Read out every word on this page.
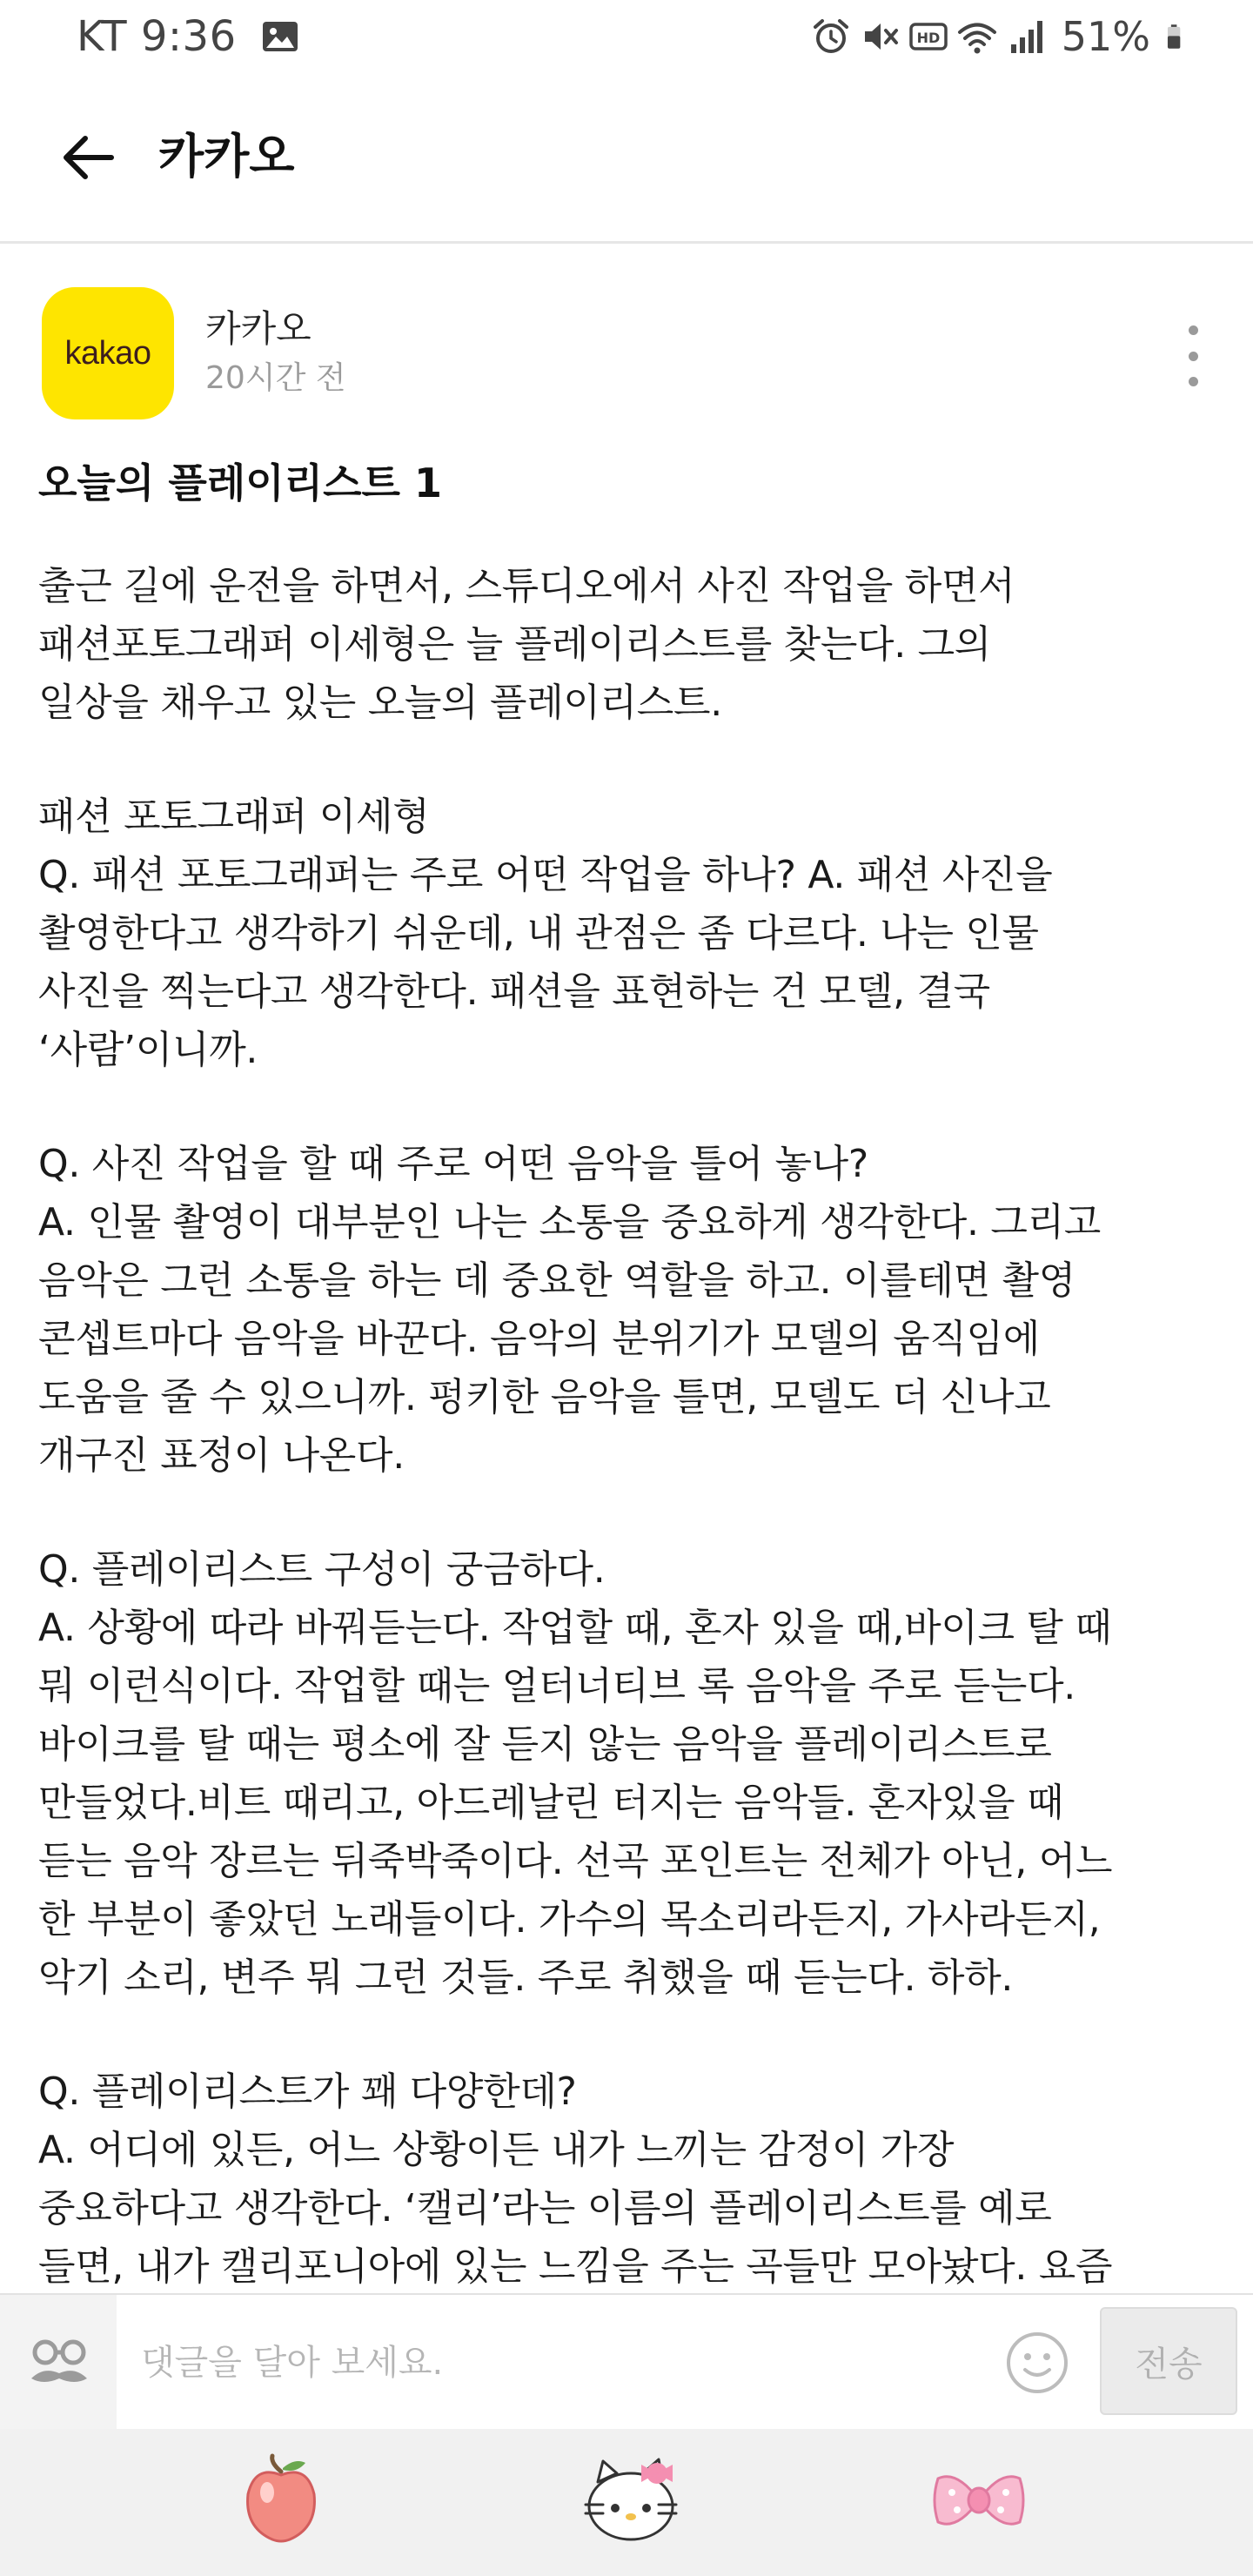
KT 9:36	HD	51%
카카오
kakao
카카오
20시간 전
오늘의 플레이리스트 1
출근 길에 운전을 하면서, 스튜디오에서 사진 작업을 하면서
패션포토그래퍼 이세형은 늘 플레이리스트를 찾는다. 그의
일상을 채우고 있는 오늘의 플레이리스트.
패션 포토그래퍼 이세형
Q. 패션 포토그래퍼는 주로 어떤 작업을 하나? A. 패션 사진을
촬영한다고 생각하기 쉬운데, 내 관점은 좀 다르다. 나는 인물
사진을 찍는다고 생각한다. 패션을 표현하는 건 모델, 결국
‘사람’이니까.
Q. 사진 작업을 할 때 주로 어떤 음악을 틀어 놓나?
A. 인물 촬영이 대부분인 나는 소통을 중요하게 생각한다. 그리고
음악은 그런 소통을 하는 데 중요한 역할을 하고. 이를테면 촬영
콘셉트마다 음악을 바꾼다. 음악의 분위기가 모델의 움직임에
도움을 줄 수 있으니까. 펑키한 음악을 틀면, 모델도 더 신나고
개구진 표정이 나온다.
Q. 플레이리스트 구성이 궁금하다.
A. 상황에 따라 바꿔듣는다. 작업할 때, 혼자 있을 때,바이크 탈 때
뭐 이런식이다. 작업할 때는 얼터너티브 록 음악을 주로 듣는다.
바이크를 탈 때는 평소에 잘 듣지 않는 음악을 플레이리스트로
만들었다.비트 때리고, 아드레날린 터지는 음악들. 혼자있을 때
듣는 음악 장르는 뒤죽박죽이다. 선곡 포인트는 전체가 아닌, 어느
한 부분이 좋았던 노래들이다. 가수의 목소리라든지, 가사라든지,
악기 소리, 변주 뭐 그런 것들. 주로 취했을 때 듣는다. 하하.
Q. 플레이리스트가 꽤 다양한데?
A. 어디에 있든, 어느 상황이든 내가 느끼는 감정이 가장
중요하다고 생각한다. ‘캘리’라는 이름의 플레이리스트를 예로
들면, 내가 캘리포니아에 있는 느낌을 주는 곡들만 모아놨다. 요즘
댓글을 달아 보세요.
전송
